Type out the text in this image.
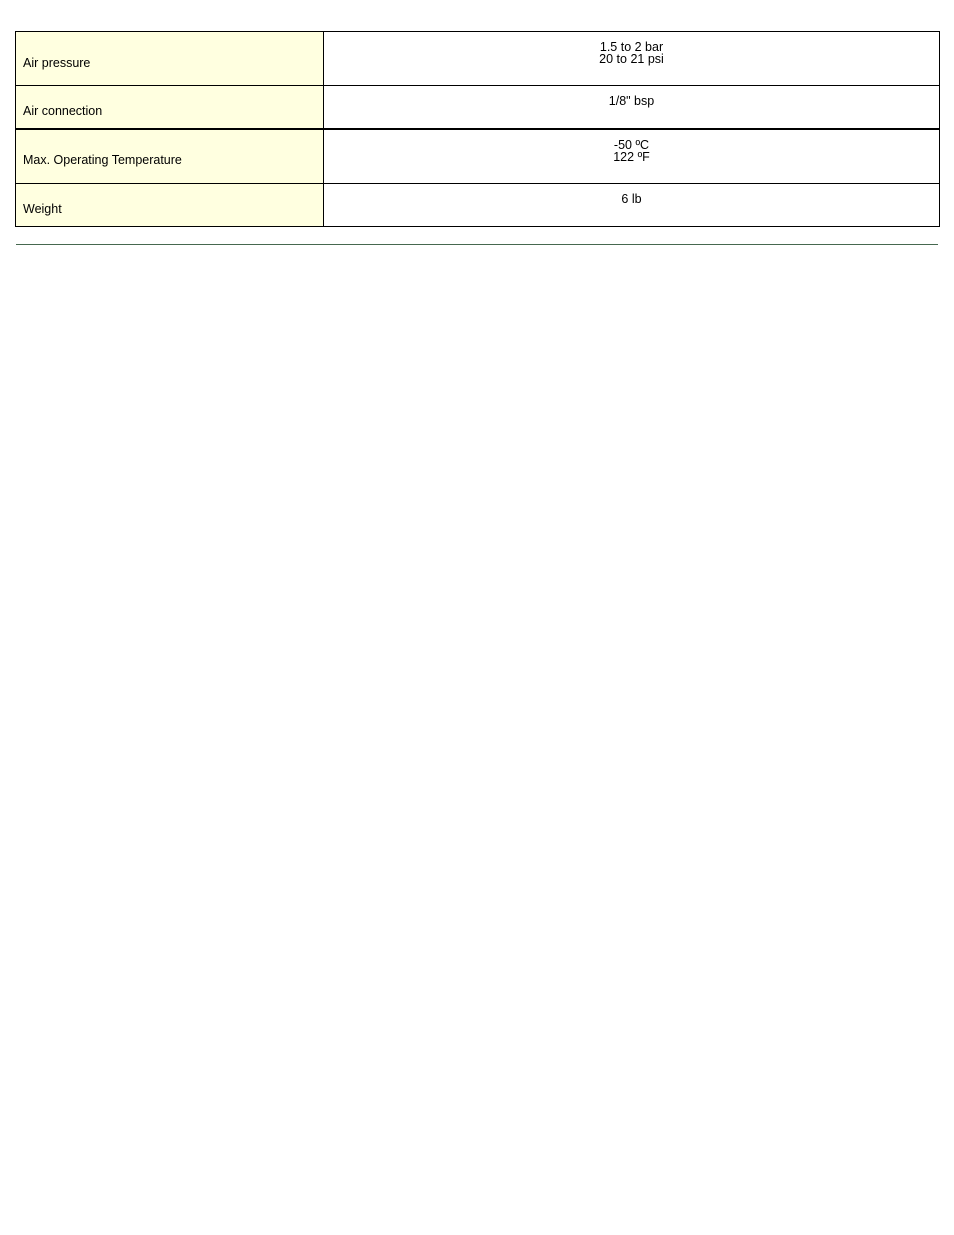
Air pressure	1.5 to 2 bar
20 to 21 psi

Air connection	1/8" bsp

Max. Operating Temperature	-50 ºC
122 ºF

Weight	6 lb
